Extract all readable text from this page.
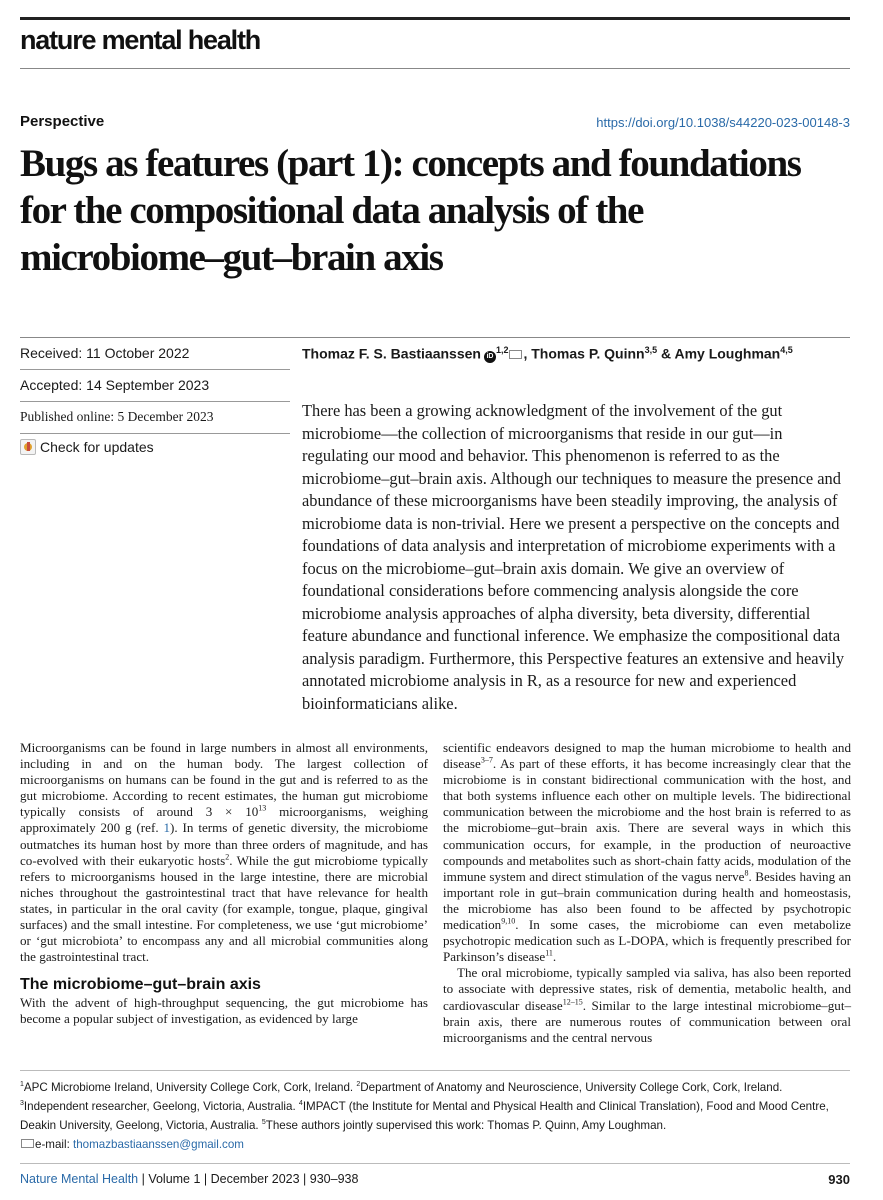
nature mental health
Perspective	https://doi.org/10.1038/s44220-023-00148-3
Bugs as features (part 1): concepts and foundations for the compositional data analysis of the microbiome–gut–brain axis
Received: 11 October 2022
Accepted: 14 September 2023
Published online: 5 December 2023
Check for updates
Thomaz F. S. Bastiaanssen iD$^{1,2}$ , Thomas P. Quinn$^{3,5}$ & Amy Loughman$^{4,5}$

There has been a growing acknowledgment of the involvement of the gut microbiome—the collection of microorganisms that reside in our gut—in regulating our mood and behavior. This phenomenon is referred to as the microbiome–gut–brain axis. Although our techniques to measure the presence and abundance of these microorganisms have been steadily improving, the analysis of microbiome data is non-trivial. Here we present a perspective on the concepts and foundations of data analysis and interpretation of microbiome experiments with a focus on the microbiome–gut–brain axis domain. We give an overview of foundational considerations before commencing analysis alongside the core microbiome analysis approaches of alpha diversity, beta diversity, differential feature abundance and functional inference. We emphasize the compositional data analysis paradigm. Furthermore, this Perspective features an extensive and heavily annotated microbiome analysis in R, as a resource for new and experienced bioinformaticians alike.

Microorganisms can be found in large numbers in almost all environments, including in and on the human body. The largest collection of microorganisms on humans can be found in the gut and is referred to as the gut microbiome. According to recent estimates, the human gut microbiome typically consists of around $3 \times 10^{13}$ microorganisms, weighing approximately 200 g (ref. 1). In terms of genetic diversity, the microbiome outmatches its human host by more than three orders of magnitude, and has co-evolved with their eukaryotic hosts$^2$. While the gut microbiome typically refers to microorganisms housed in the large intestine, there are microbial niches throughout the gastrointestinal tract that have relevance for health states, in particular in the oral cavity (for example, tongue, plaque, gingival surfaces) and the small intestine. For completeness, we use ‘gut microbiome’ or ‘gut microbiota’ to encompass any and all microbial communities along the gastrointestinal tract.

The microbiome–gut–brain axis

With the advent of high-throughput sequencing, the gut microbiome has become a popular subject of investigation, as evidenced by large

scientific endeavors designed to map the human microbiome to health and disease$^{3-7}$. As part of these efforts, it has become increasingly clear that the microbiome is in constant bidirectional communication with the host, and that both systems influence each other on multiple levels. The bidirectional communication between the microbiome and the host brain is referred to as the microbiome–gut–brain axis. There are several ways in which this communication occurs, for example, in the production of neuroactive compounds and metabolites such as short-chain fatty acids, modulation of the immune system and direct stimulation of the vagus nerve$^8$. Besides having an important role in gut–brain communication during health and homeostasis, the microbiome has also been found to be affected by psychotropic medication$^{9,10}$. In some cases, the microbiome can even metabolize psychotropic medication such as L-DOPA, which is frequently prescribed for Parkinson’s disease$^{11}$.

The oral microbiome, typically sampled via saliva, has also been reported to associate with depressive states, risk of dementia, metabolic health, and cardiovascular disease$^{12-15}$. Similar to the large intestinal microbiome–gut–brain axis, there are numerous routes of communication between oral microorganisms and the central nervous

$^1$APC Microbiome Ireland, University College Cork, Cork, Ireland. $^2$Department of Anatomy and Neuroscience, University College Cork, Cork, Ireland. $^3$Independent researcher, Geelong, Victoria, Australia. $^4$IMPACT (the Institute for Mental and Physical Health and Clinical Translation), Food and Mood Centre, Deakin University, Geelong, Victoria, Australia. $^5$These authors jointly supervised this work: Thomas P. Quinn, Amy Loughman.
e-mail: thomazbastiaanssen@gmail.com
Nature Mental Health | Volume 1 | December 2023 | 930–938	930
